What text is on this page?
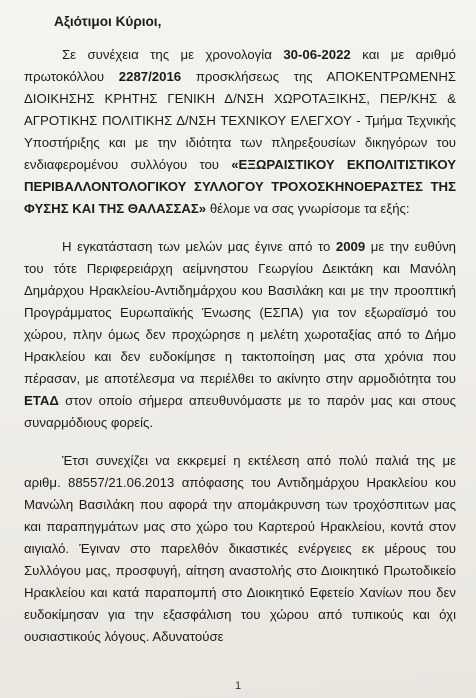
Αξιότιμοι Κύριοι,

Σε συνέχεια της με χρονολογία 30-06-2022 και με αριθμό πρωτοκόλλου 2287/2016 προσκλήσεως της ΑΠΟΚΕΝΤΡΩΜΕΝΗΣ ΔΙΟΙΚΗΣΗΣ ΚΡΗΤΗΣ ΓΕΝΙΚΗ Δ/ΝΣΗ ΧΩΡΟΤΑΞΙΚΗΣ, ΠΕΡ/ΚΗΣ & ΑΓΡΟΤΙΚΗΣ ΠΟΛΙΤΙΚΗΣ Δ/ΝΣΗ ΤΕΧΝΙΚΟΥ ΕΛΕΓΧΟΥ - Τμήμα Τεχνικής Υποστήριξης και με την ιδιότητα των πληρεξουσίων δικηγόρων του ενδιαφερομένου συλλόγου του «ΕΞΩΡΑΙΣΤΙΚΟΥ ΕΚΠΟΛΙΤΙΣΤΙΚΟΥ ΠΕΡΙΒΑΛΛΟΝΤΟΛΟΓΙΚΟΥ ΣΥΛΛΟΓΟΥ ΤΡΟΧΟΣΚΗΝΟΕΡΑΣΤΕΣ ΤΗΣ ΦΥΣΗΣ ΚΑΙ ΤΗΣ ΘΑΛΑΣΣΑΣ» θέλομε να σας γνωρίσομε τα εξής:

Η εγκατάσταση των μελών μας έγινε από το 2009 με την ευθύνη του τότε Περιφερειάρχη αείμνηστου Γεωργίου Δεικτάκη και Μανόλη Δημάρχου Ηρακλείου-Αντιδημάρχου κου Βασιλάκη και με την προοπτική Προγράμματος Ευρωπαϊκής Ένωσης (ΕΣΠΑ) για τον εξωραϊσμό του χώρου, πλην όμως δεν προχώρησε η μελέτη χωροταξίας από το Δήμο Ηρακλείου και δεν ευδοκίμησε η τακτοποίηση μας στα χρόνια που πέρασαν, με αποτέλεσμα να περιέλθει το ακίνητο στην αρμοδιότητα του ΕΤΑΔ στον οποίο σήμερα απευθυνόμαστε με το παρόν μας και στους συναρμόδιους φορείς.

Έτσι συνεχίζει να εκκρεμεί η εκτέλεση από πολύ παλιά της με αριθμ. 88557/21.06.2013 απόφασης του Αντιδημάρχου Ηρακλείου κου Μανώλη Βασιλάκη που αφορά την απομάκρυνση των τροχόσπιτων μας και παραπηγμάτων μας στο χώρο του Καρτερού Ηρακλείου, κοντά στον αιγιαλό. Έγιναν στο παρελθόν δικαστικές ενέργειες εκ μέρους του Συλλόγου μας, προσφυγή, αίτηση αναστολής στο Διοικητικό Πρωτοδικείο Ηρακλείου και κατά παραπομπή στο Διοικητικό Εφετείο Χανίων που δεν ευδοκίμησαν για την εξασφάλιση του χώρου από τυπικούς και όχι ουσιαστικούς λόγους. Αδυνατούσε

1
